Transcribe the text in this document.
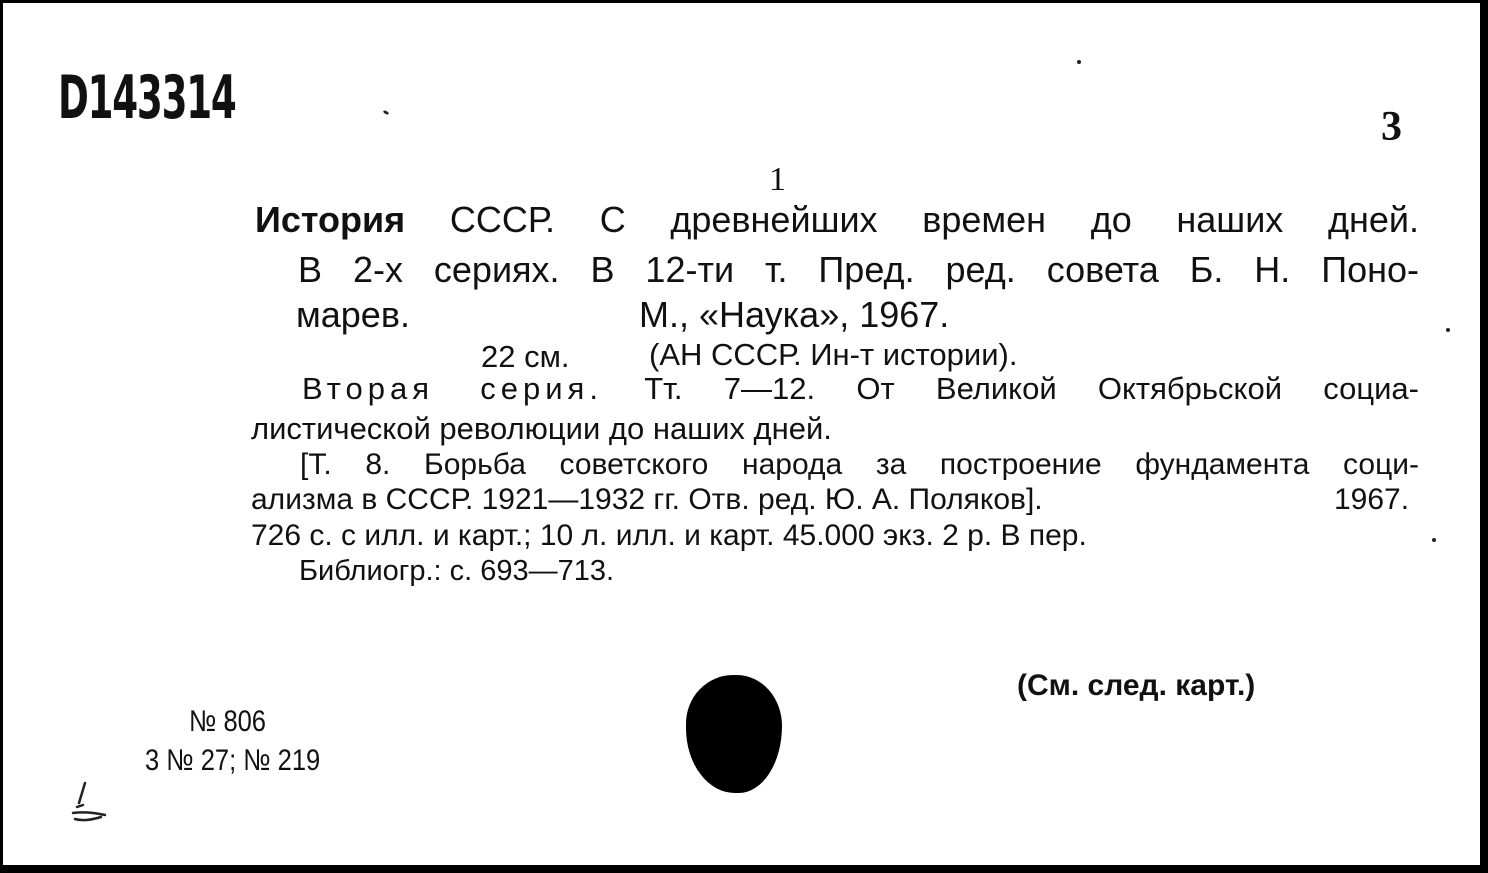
D143314	3
1
История СССР. С древнейших времен до наших дней.
В 2-х сериях. В 12-ти т. Пред. ред. совета Б. Н. Поно-
марев.	М., «Наука», 1967.
22 см.	(АН СССР. Ин-т истории).
Вторая серия. Тт. 7—12. От Великой Октябрьской социа-
листической революции до наших дней.
[Т. 8. Борьба советского народа за построение фундамента соци-
ализма в СССР. 1921—1932 гг. Отв. ред. Ю. А. Поляков].	1967.
726 с. с илл. и карт.; 10 л. илл. и карт. 45.000 экз. 2 р. В пер.
Библиогр.: с. 693—713.
(См. след. карт.)
№ 806
3 № 27; № 219
